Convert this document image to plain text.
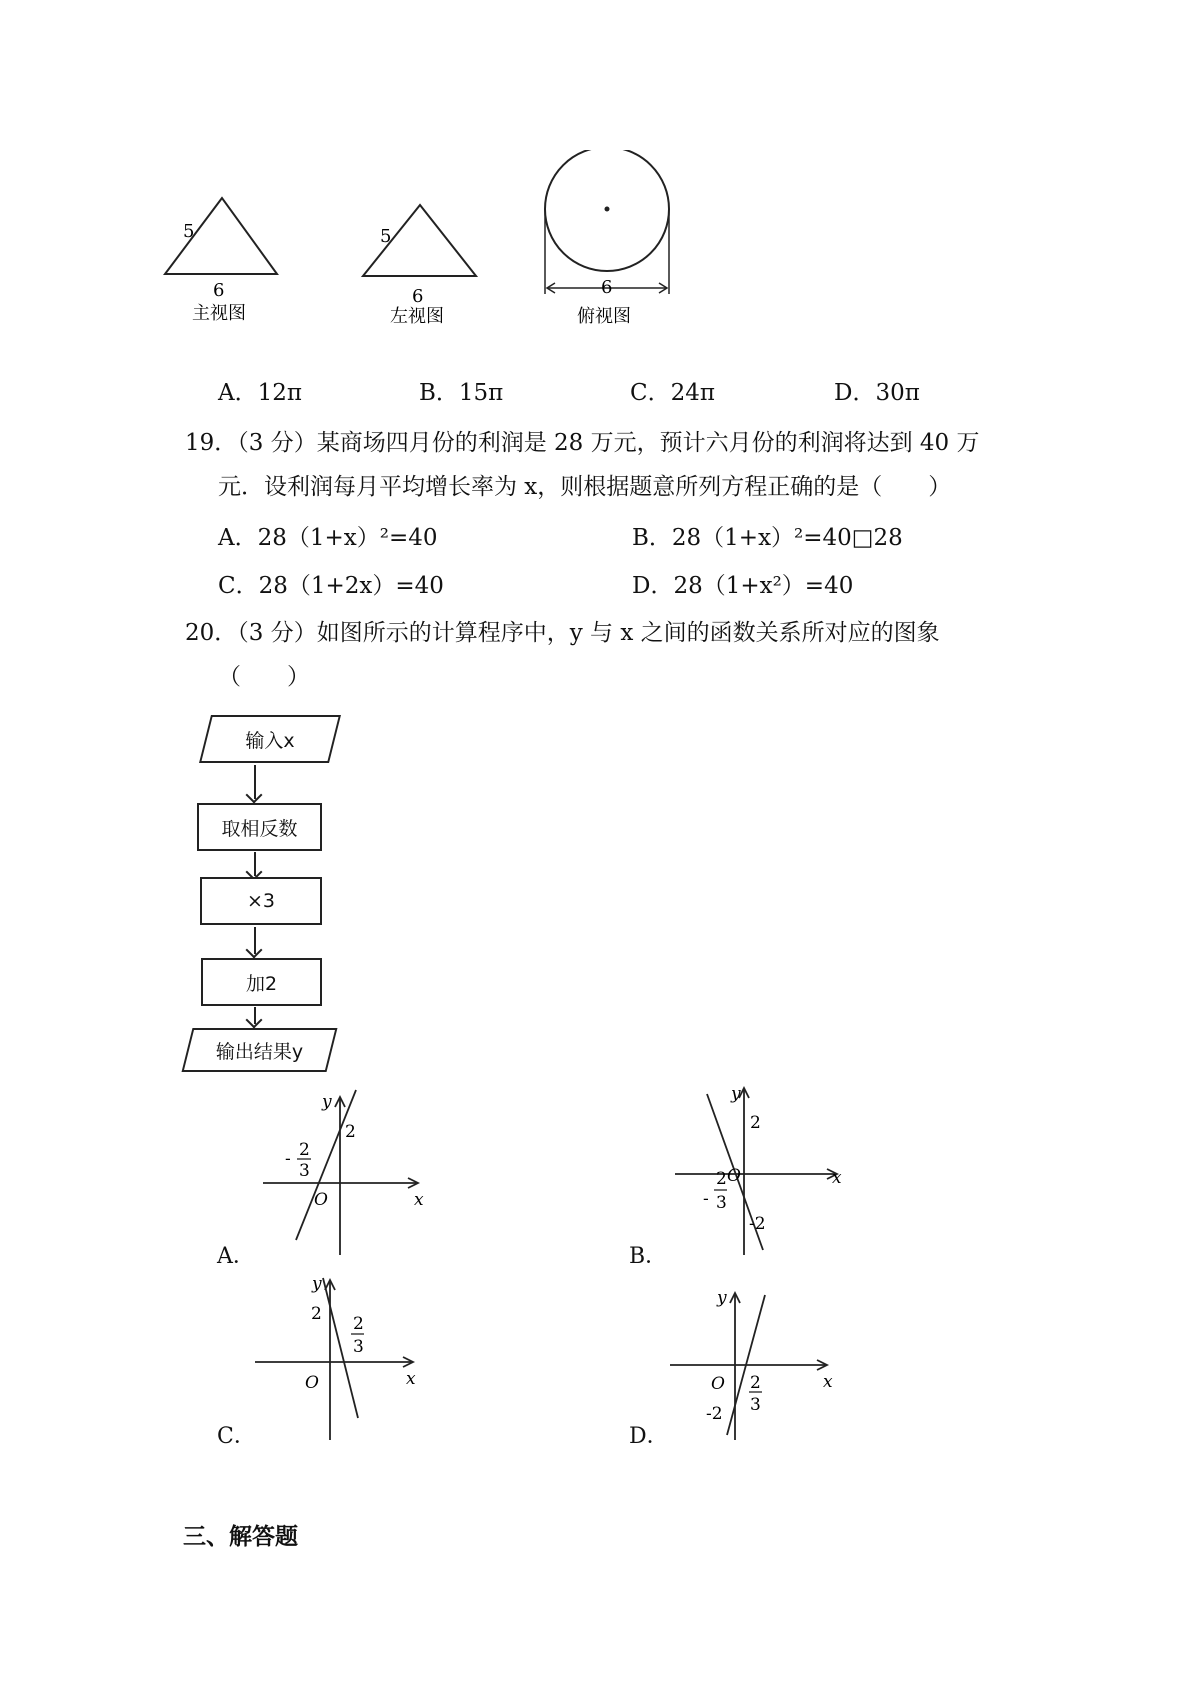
5
6
主视图
5
6
左视图
6
俯视图
A．12π	B．15π	C．24π	D．30π
19．（3 分）某商场四月份的利润是 28 万元，预计六月份的利润将达到 40 万
元．设利润每月平均增长率为 x，则根据题意所列方程正确的是（　　）
A．28（1+x）²=40	B．28（1+x）²=40□28
C．28（1+2x）=40	D．28（1+x²）=40
20．（3 分）如图所示的计算程序中，y 与 x 之间的函数关系所对应的图象
（　　）
输入x
取相反数
×3
加2
输出结果y
A．
y
x
O
2
- 2
3
B．
y
x
O
2
-2
-
2
3
C．
y
x
O
2 2
3
D．
y
x
O
-2
2
3
三、解答题
